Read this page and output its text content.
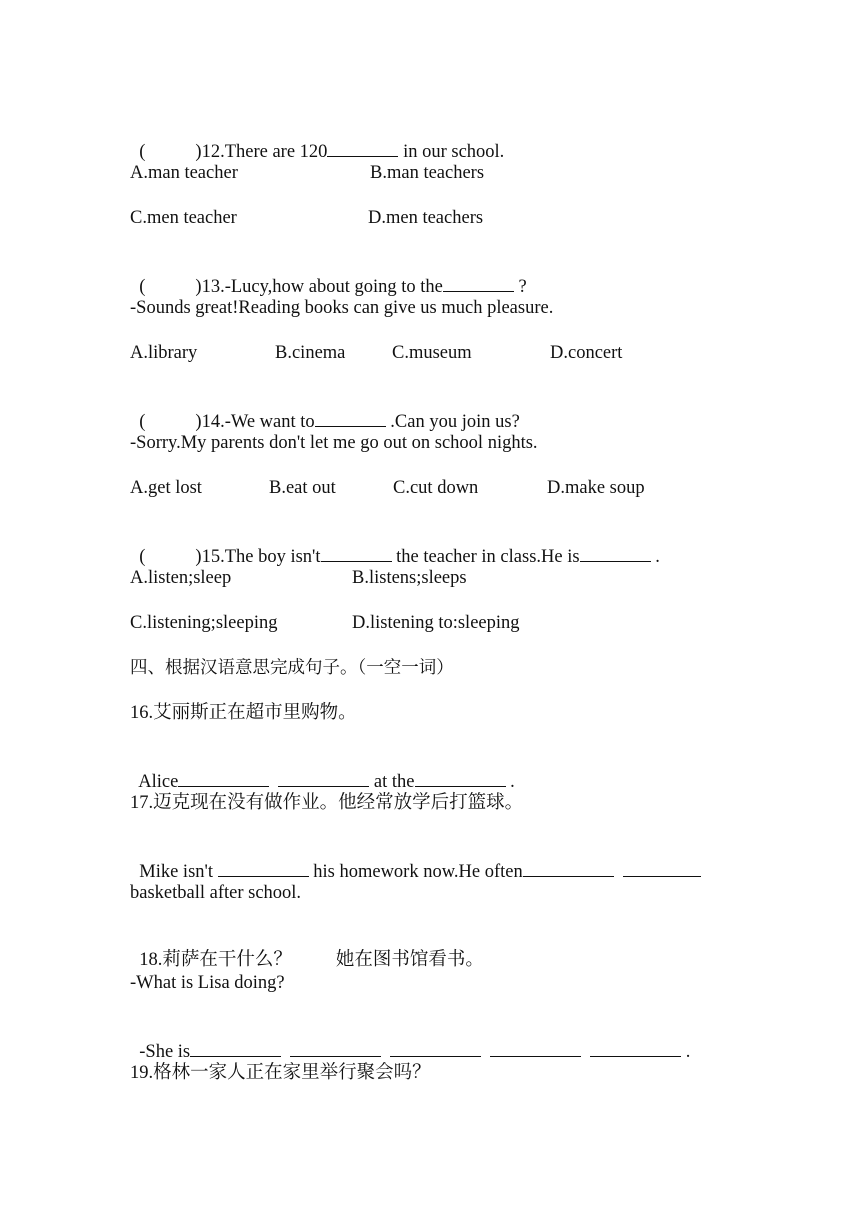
(	)12.There are 120	in our school.

A.man teacher	B.man teachers
C.men teacher	D.men teachers

(	)13.-Lucy,how about going to the	?

-Sounds great!Reading books can give us much pleasure.
A.library	B.cinema	C.museum	D.concert

(	)14.-We want to	.Can you join us?

-Sorry.My parents don't let me go out on school nights.
A.get lost	B.eat out	C.cut down	D.make soup

(	)15.The boy isn't	the teacher in class.He is	.

A.listen;sleep	B.listens;sleeps
C.listening;sleeping	D.listening to:sleeping
四、根据汉语意思完成句子。（一空一词）
16.艾丽斯正在超市里购物。

Alice	at the	.

17.迈克现在没有做作业。他经常放学后打篮球。

Mike isn't	his homework now.He often

basketball after school.

18.莉萨在干什么？ 她在图书馆看书。

-What is Lisa doing?

-She is	.

19.格林一家人正在家里举行聚会吗？
